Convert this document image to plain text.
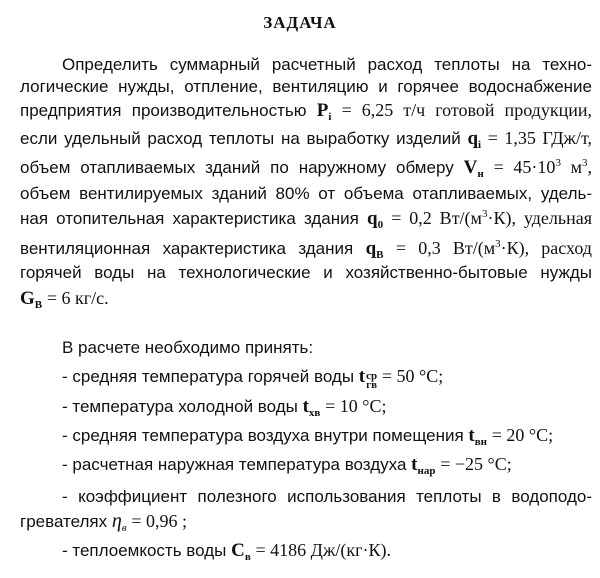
ЗАДАЧА
Определить суммарный расчетный расход теплоты на техно-
логические нужды, отпление, вентиляцию и горячее водоснабжение
предприятия производительностью $P_i = 6,25$ т/ч готовой продукции,
если удельный расход теплоты на выработку изделий $q_i = 1,35$ ГДж/т,
объем отапливаемых зданий по наружному обмеру $V_н = 45\cdot 10^3$ $м^3$,
объем вентилируемых зданий 80% от объема отапливаемых, удель-
ная отопительная характеристика здания $q_0 = 0,2$ $Вт/(м^3\cdot К)$, удельная
вентиляционная характеристика здания $q_В = 0,3$ $Вт/(м^3\cdot К)$, расход
горячей воды на технологические и хозяйственно-бытовые нужды
$G_В = 6$ кг/с.
В расчете необходимо принять:
- средняя температура горячей воды t ср
гв = 50 °С;
- температура холодной воды $t_{хв} = 10$ °С;
- средняя температура воздуха внутри помещения $t_{вн} = 20$ °С;
- расчетная наружная температура воздуха $t_{нар} = -25$ °С;
- коэффициент полезного использования теплоты в водоподо-
гревателях $\eta_в = 0,96$ ;
- теплоемкость воды $C_в = 4186$ Дж/(кг·К).
